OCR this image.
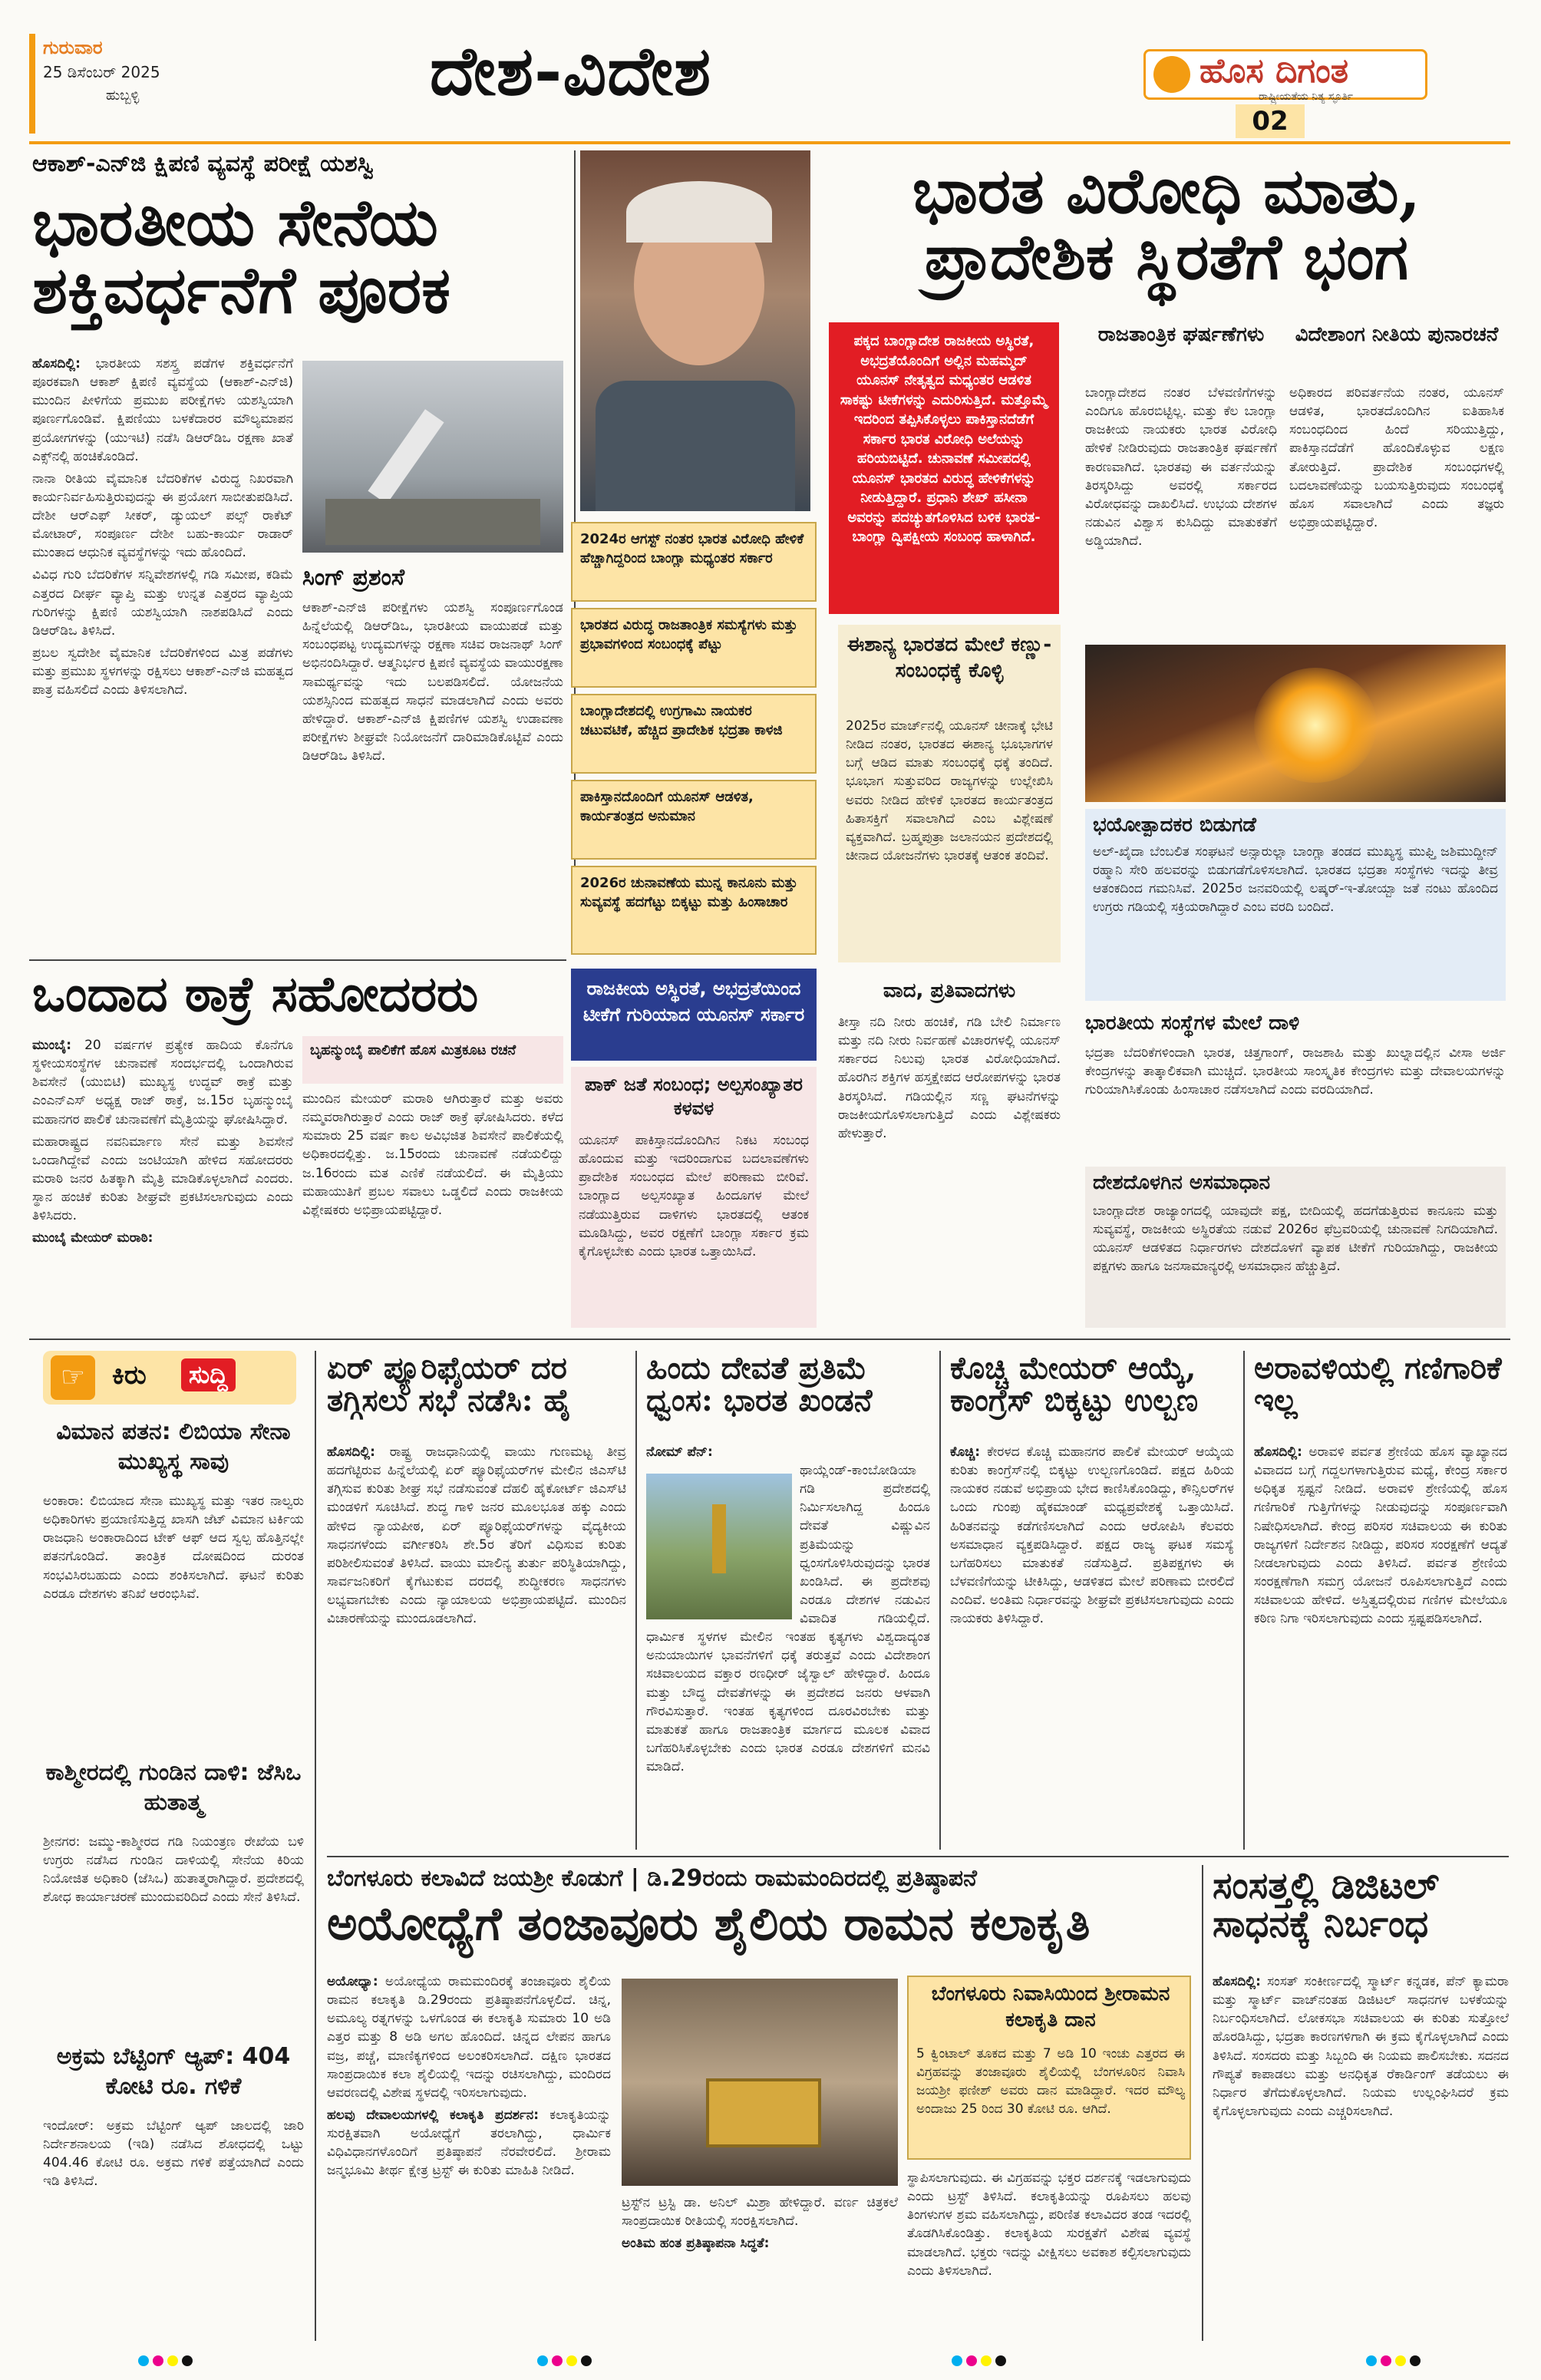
ಗುರುವಾರ
25 ಡಿಸೆಂಬರ್ 2025
ಹುಬ್ಬಳ್ಳಿ	ದೇಶ-ವಿದೇಶ	ಹೊಸ ದಿಗಂತ
ರಾಷ್ಟ್ರೀಯತೆಯ ನಿತ್ಯ ಸ್ಫೂರ್ತಿ
02
ಆಕಾಶ್-ಎನ್‌ಜಿ ಕ್ಷಿಪಣಿ ವ್ಯವಸ್ಥೆ ಪರೀಕ್ಷೆ ಯಶಸ್ವಿ
ಭಾರತೀಯ ಸೇನೆಯ ಶಕ್ತಿವರ್ಧನೆಗೆ ಪೂರಕ

ಹೊಸದಿಲ್ಲಿ: ಭಾರತೀಯ ಸಶಸ್ತ್ರ ಪಡೆಗಳ ಶಕ್ತಿವರ್ಧನೆಗೆ ಪೂರಕವಾಗಿ ಆಕಾಶ್ ಕ್ಷಿಪಣಿ ವ್ಯವಸ್ಥೆಯ (ಆಕಾಶ್-ಎನ್‌ಜಿ) ಮುಂದಿನ ಪೀಳಿಗೆಯ ಪ್ರಮುಖ ಪರೀಕ್ಷೆಗಳು ಯಶಸ್ವಿಯಾಗಿ ಪೂರ್ಣಗೊಂಡಿವೆ. ಕ್ಷಿಪಣಿಯು ಬಳಕೆದಾರರ ಮೌಲ್ಯಮಾಪನ ಪ್ರಯೋಗಗಳನ್ನು (ಯುಇಟಿ) ನಡೆಸಿ ಡಿಆರ್‌ಡಿಒ ರಕ್ಷಣಾ ಖಾತೆ ಎಕ್ಸ್‌ನಲ್ಲಿ ಹಂಚಿಕೊಂಡಿದೆ.

ನಾನಾ ರೀತಿಯ ವೈಮಾನಿಕ ಬೆದರಿಕೆಗಳ ವಿರುದ್ಧ ನಿಖರವಾಗಿ ಕಾರ್ಯನಿರ್ವಹಿಸುತ್ತಿರುವುದನ್ನು ಈ ಪ್ರಯೋಗ ಸಾಬೀತುಪಡಿಸಿದೆ. ದೇಶೀ ಆರ್‌ಎಫ್ ಸೀಕರ್, ಡ್ಯುಯಲ್ ಪಲ್ಸ್ ರಾಕೆಟ್ ಮೋಟಾರ್, ಸಂಪೂರ್ಣ ದೇಶೀ ಬಹು-ಕಾರ್ಯ ರಾಡಾರ್ ಮುಂತಾದ ಆಧುನಿಕ ವ್ಯವಸ್ಥೆಗಳನ್ನು ಇದು ಹೊಂದಿದೆ.

ವಿವಿಧ ಗುರಿ ಬೆದರಿಕೆಗಳ ಸನ್ನಿವೇಶಗಳಲ್ಲಿ ಗಡಿ ಸಮೀಪ, ಕಡಿಮೆ ಎತ್ತರದ ದೀರ್ಘ ವ್ಯಾಪ್ತಿ ಮತ್ತು ಉನ್ನತ ಎತ್ತರದ ವ್ಯಾಪ್ತಿಯ ಗುರಿಗಳನ್ನು ಕ್ಷಿಪಣಿ ಯಶಸ್ವಿಯಾಗಿ ನಾಶಪಡಿಸಿದೆ ಎಂದು ಡಿಆರ್‌ಡಿಒ ತಿಳಿಸಿದೆ.

ಪ್ರಬಲ ಸ್ವದೇಶೀ ವೈಮಾನಿಕ ಬೆದರಿಕೆಗಳಿಂದ ಮಿತ್ರ ಪಡೆಗಳು ಮತ್ತು ಪ್ರಮುಖ ಸ್ಥಳಗಳನ್ನು ರಕ್ಷಿಸಲು ಆಕಾಶ್-ಎನ್‌ಜಿ ಮಹತ್ವದ ಪಾತ್ರ ವಹಿಸಲಿದೆ ಎಂದು ತಿಳಿಸಲಾಗಿದೆ.

ಸಿಂಗ್ ಪ್ರಶಂಸೆ
ಆಕಾಶ್-ಎನ್‌ಜಿ ಪರೀಕ್ಷೆಗಳು ಯಶಸ್ವಿ ಸಂಪೂರ್ಣಗೊಂಡ ಹಿನ್ನೆಲೆಯಲ್ಲಿ ಡಿಆರ್‌ಡಿಒ, ಭಾರತೀಯ ವಾಯುಪಡೆ ಮತ್ತು ಸಂಬಂಧಪಟ್ಟ ಉದ್ಯಮಗಳನ್ನು ರಕ್ಷಣಾ ಸಚಿವ ರಾಜನಾಥ್ ಸಿಂಗ್ ಅಭಿನಂದಿಸಿದ್ದಾರೆ. ಆತ್ಮನಿರ್ಭರ ಕ್ಷಿಪಣಿ ವ್ಯವಸ್ಥೆಯ ವಾಯುರಕ್ಷಣಾ ಸಾಮರ್ಥ್ಯವನ್ನು ಇದು ಬಲಪಡಿಸಲಿದೆ. ಯೋಜನೆಯ ಯಶಸ್ಸಿನಿಂದ ಮಹತ್ವದ ಸಾಧನೆ ಮಾಡಲಾಗಿದೆ ಎಂದು ಅವರು ಹೇಳಿದ್ದಾರೆ. ಆಕಾಶ್-ಎನ್‌ಜಿ ಕ್ಷಿಪಣಿಗಳ ಯಶಸ್ವಿ ಉಡಾವಣಾ ಪರೀಕ್ಷೆಗಳು ಶೀಘ್ರವೇ ನಿಯೋಜನೆಗೆ ದಾರಿಮಾಡಿಕೊಟ್ಟಿವೆ ಎಂದು ಡಿಆರ್‌ಡಿಒ ತಿಳಿಸಿದೆ.
ಭಾರತ ವಿರೋಧಿ ಮಾತು, ಪ್ರಾದೇಶಿಕ ಸ್ಥಿರತೆಗೆ ಭಂಗ
ಪಕ್ಕದ ಬಾಂಗ್ಲಾದೇಶ ರಾಜಕೀಯ ಅಸ್ಥಿರತೆ, ಅಭದ್ರತೆಯೊಂದಿಗೆ ಅಲ್ಲಿನ ಮಹಮ್ಮದ್ ಯೂನಸ್ ನೇತೃತ್ವದ ಮಧ್ಯಂತರ ಆಡಳಿತ ಸಾಕಷ್ಟು ಟೀಕೆಗಳನ್ನು ಎದುರಿಸುತ್ತಿದೆ. ಮತ್ತೊಮ್ಮೆ ಇದರಿಂದ ತಪ್ಪಿಸಿಕೊಳ್ಳಲು ಪಾಕಿಸ್ತಾನದೆಡೆಗೆ ಸರ್ಕಾರ ಭಾರತ ವಿರೋಧಿ ಅಲೆಯನ್ನು ಹರಿಯಬಿಟ್ಟಿದೆ. ಚುನಾವಣೆ ಸಮೀಪದಲ್ಲಿ ಯೂನಸ್ ಭಾರತದ ವಿರುದ್ಧ ಹೇಳಿಕೆಗಳನ್ನು ನೀಡುತ್ತಿದ್ದಾರೆ. ಪ್ರಧಾನಿ ಶೇಖ್ ಹಸೀನಾ ಅವರನ್ನು ಪದಚ್ಯುತಗೊಳಿಸಿದ ಬಳಿಕ ಭಾರತ-ಬಾಂಗ್ಲಾ ದ್ವಿಪಕ್ಷೀಯ ಸಂಬಂಧ ಹಾಳಾಗಿದೆ.
2024ರ ಆಗಸ್ಟ್ ನಂತರ ಭಾರತ ವಿರೋಧಿ ಹೇಳಿಕೆ ಹೆಚ್ಚಾಗಿದ್ದರಿಂದ ಬಾಂಗ್ಲಾ ಮಧ್ಯಂತರ ಸರ್ಕಾರ
ಭಾರತದ ವಿರುದ್ಧ ರಾಜತಾಂತ್ರಿಕ ಸಮಸ್ಯೆಗಳು ಮತ್ತು ಪ್ರಭಾವಗಳಿಂದ ಸಂಬಂಧಕ್ಕೆ ಪೆಟ್ಟು
ಬಾಂಗ್ಲಾದೇಶದಲ್ಲಿ ಉಗ್ರಗಾಮಿ ನಾಯಕರ ಚಟುವಟಿಕೆ, ಹೆಚ್ಚಿದ ಪ್ರಾದೇಶಿಕ ಭದ್ರತಾ ಕಾಳಜಿ
ಪಾಕಿಸ್ತಾನದೊಂದಿಗೆ ಯೂನಸ್ ಆಡಳಿತ, ಕಾರ್ಯತಂತ್ರದ ಅನುಮಾನ
2026ರ ಚುನಾವಣೆಯ ಮುನ್ನ ಕಾನೂನು ಮತ್ತು ಸುವ್ಯವಸ್ಥೆ ಹದಗೆಟ್ಟು ಬಿಕ್ಕಟ್ಟು ಮತ್ತು ಹಿಂಸಾಚಾರ
ರಾಜಕೀಯ ಅಸ್ಥಿರತೆ, ಅಭದ್ರತೆಯಿಂದ ಟೀಕೆಗೆ ಗುರಿಯಾದ ಯೂನಸ್ ಸರ್ಕಾರ
ಪಾಕ್ ಜತೆ ಸಂಬಂಧ; ಅಲ್ಪಸಂಖ್ಯಾತರ ಕಳವಳ
ಯೂನಸ್ ಪಾಕಿಸ್ತಾನದೊಂದಿಗಿನ ನಿಕಟ ಸಂಬಂಧ ಹೊಂದುವ ಮತ್ತು ಇದರಿಂದಾಗುವ ಬದಲಾವಣೆಗಳು ಪ್ರಾದೇಶಿಕ ಸಂಬಂಧದ ಮೇಲೆ ಪರಿಣಾಮ ಬೀರಿವೆ. ಬಾಂಗ್ಲಾದ ಅಲ್ಪಸಂಖ್ಯಾತ ಹಿಂದೂಗಳ ಮೇಲೆ ನಡೆಯುತ್ತಿರುವ ದಾಳಿಗಳು ಭಾರತದಲ್ಲಿ ಆತಂಕ ಮೂಡಿಸಿದ್ದು, ಅವರ ರಕ್ಷಣೆಗೆ ಬಾಂಗ್ಲಾ ಸರ್ಕಾರ ಕ್ರಮ ಕೈಗೊಳ್ಳಬೇಕು ಎಂದು ಭಾರತ ಒತ್ತಾಯಿಸಿದೆ.
ಈಶಾನ್ಯ ಭಾರತದ ಮೇಲೆ ಕಣ್ಣು-ಸಂಬಂಧಕ್ಕೆ ಕೊಳ್ಳಿ
2025ರ ಮಾರ್ಚ್‌ನಲ್ಲಿ ಯೂನಸ್ ಚೀನಾಕ್ಕೆ ಭೇಟಿ ನೀಡಿದ ನಂತರ, ಭಾರತದ ಈಶಾನ್ಯ ಭೂಭಾಗಗಳ ಬಗ್ಗೆ ಆಡಿದ ಮಾತು ಸಂಬಂಧಕ್ಕೆ ಧಕ್ಕೆ ತಂದಿದೆ. ಭೂಭಾಗ ಸುತ್ತುವರಿದ ರಾಜ್ಯಗಳನ್ನು ಉಲ್ಲೇಖಿಸಿ ಅವರು ನೀಡಿದ ಹೇಳಿಕೆ ಭಾರತದ ಕಾರ್ಯತಂತ್ರದ ಹಿತಾಸಕ್ತಿಗೆ ಸವಾಲಾಗಿದೆ ಎಂಬ ವಿಶ್ಲೇಷಣೆ ವ್ಯಕ್ತವಾಗಿದೆ. ಬ್ರಹ್ಮಪುತ್ರಾ ಜಲಾನಯನ ಪ್ರದೇಶದಲ್ಲಿ ಚೀನಾದ ಯೋಜನೆಗಳು ಭಾರತಕ್ಕೆ ಆತಂಕ ತಂದಿವೆ.
ವಾದ, ಪ್ರತಿವಾದಗಳು
ತೀಸ್ತಾ ನದಿ ನೀರು ಹಂಚಿಕೆ, ಗಡಿ ಬೇಲಿ ನಿರ್ಮಾಣ ಮತ್ತು ನದಿ ನೀರು ನಿರ್ವಹಣೆ ವಿಚಾರಗಳಲ್ಲಿ ಯೂನಸ್ ಸರ್ಕಾರದ ನಿಲುವು ಭಾರತ ವಿರೋಧಿಯಾಗಿದೆ. ಹೊರಗಿನ ಶಕ್ತಿಗಳ ಹಸ್ತಕ್ಷೇಪದ ಆರೋಪಗಳನ್ನು ಭಾರತ ತಿರಸ್ಕರಿಸಿದೆ. ಗಡಿಯಲ್ಲಿನ ಸಣ್ಣ ಘಟನೆಗಳನ್ನು ರಾಜಕೀಯಗೊಳಿಸಲಾಗುತ್ತಿದೆ ಎಂದು ವಿಶ್ಲೇಷಕರು ಹೇಳುತ್ತಾರೆ.
ರಾಜತಾಂತ್ರಿಕ ಘರ್ಷಣೆಗಳು
ಬಾಂಗ್ಲಾದೇಶದ ನಂತರ ಬೆಳವಣಿಗೆಗಳನ್ನು ಎಂದಿಗೂ ಹೊರಬಿಟ್ಟಿಲ್ಲ. ಮತ್ತು ಕೆಲ ಬಾಂಗ್ಲಾ ರಾಜಕೀಯ ನಾಯಕರು ಭಾರತ ವಿರೋಧಿ ಹೇಳಿಕೆ ನೀಡಿರುವುದು ರಾಜತಾಂತ್ರಿಕ ಘರ್ಷಣೆಗೆ ಕಾರಣವಾಗಿದೆ. ಭಾರತವು ಈ ವರ್ತನೆಯನ್ನು ತಿರಸ್ಕರಿಸಿದ್ದು ಅವರಲ್ಲಿ ಸರ್ಕಾರದ ವಿರೋಧವನ್ನು ದಾಖಲಿಸಿದೆ. ಉಭಯ ದೇಶಗಳ ನಡುವಿನ ವಿಶ್ವಾಸ ಕುಸಿದಿದ್ದು ಮಾತುಕತೆಗೆ ಅಡ್ಡಿಯಾಗಿದೆ.
ವಿದೇಶಾಂಗ ನೀತಿಯ ಪುನಾರಚನೆ
ಅಧಿಕಾರದ ಪರಿವರ್ತನೆಯ ನಂತರ, ಯೂನಸ್ ಆಡಳಿತ, ಭಾರತದೊಂದಿಗಿನ ಐತಿಹಾಸಿಕ ಸಂಬಂಧದಿಂದ ಹಿಂದೆ ಸರಿಯುತ್ತಿದ್ದು, ಪಾಕಿಸ್ತಾನದೆಡೆಗೆ ಹೊಂದಿಕೊಳ್ಳುವ ಲಕ್ಷಣ ತೋರುತ್ತಿದೆ. ಪ್ರಾದೇಶಿಕ ಸಂಬಂಧಗಳಲ್ಲಿ ಬದಲಾವಣೆಯನ್ನು ಬಯಸುತ್ತಿರುವುದು ಸಂಬಂಧಕ್ಕೆ ಹೊಸ ಸವಾಲಾಗಿದೆ ಎಂದು ತಜ್ಞರು ಅಭಿಪ್ರಾಯಪಟ್ಟಿದ್ದಾರೆ.
ಭಯೋತ್ಪಾದಕರ ಬಿಡುಗಡೆ
ಅಲ್-ಖೈದಾ ಬೆಂಬಲಿತ ಸಂಘಟನೆ ಅನ್ಸಾರುಲ್ಲಾ ಬಾಂಗ್ಲಾ ತಂಡದ ಮುಖ್ಯಸ್ಥ ಮುಫ್ತಿ ಜಶಿಮುದ್ದೀನ್ ರಹ್ಮಾನಿ ಸೇರಿ ಹಲವರನ್ನು ಬಿಡುಗಡೆಗೊಳಿಸಲಾಗಿದೆ. ಭಾರತದ ಭದ್ರತಾ ಸಂಸ್ಥೆಗಳು ಇದನ್ನು ತೀವ್ರ ಆತಂಕದಿಂದ ಗಮನಿಸಿವೆ. 2025ರ ಜನವರಿಯಲ್ಲಿ ಲಷ್ಕರ್-ಇ-ತೋಯ್ಬಾ ಜತೆ ನಂಟು ಹೊಂದಿದ ಉಗ್ರರು ಗಡಿಯಲ್ಲಿ ಸಕ್ರಿಯರಾಗಿದ್ದಾರೆ ಎಂಬ ವರದಿ ಬಂದಿದೆ.
ಭಾರತೀಯ ಸಂಸ್ಥೆಗಳ ಮೇಲೆ ದಾಳಿ
ಭದ್ರತಾ ಬೆದರಿಕೆಗಳಿಂದಾಗಿ ಭಾರತ, ಚಿತ್ತಗಾಂಗ್, ರಾಜಶಾಹಿ ಮತ್ತು ಖುಲ್ನಾದಲ್ಲಿನ ವೀಸಾ ಅರ್ಜಿ ಕೇಂದ್ರಗಳನ್ನು ತಾತ್ಕಾಲಿಕವಾಗಿ ಮುಚ್ಚಿದೆ. ಭಾರತೀಯ ಸಾಂಸ್ಕೃತಿಕ ಕೇಂದ್ರಗಳು ಮತ್ತು ದೇವಾಲಯಗಳನ್ನು ಗುರಿಯಾಗಿಸಿಕೊಂಡು ಹಿಂಸಾಚಾರ ನಡೆಸಲಾಗಿದೆ ಎಂದು ವರದಿಯಾಗಿದೆ.
ದೇಶದೊಳಗಿನ ಅಸಮಾಧಾನ
ಬಾಂಗ್ಲಾದೇಶ ರಾಜ್ಯಾಂಗದಲ್ಲಿ ಯಾವುದೇ ಪಕ್ಷ, ಬೀದಿಯಲ್ಲಿ ಹದಗೆಡುತ್ತಿರುವ ಕಾನೂನು ಮತ್ತು ಸುವ್ಯವಸ್ಥೆ, ರಾಜಕೀಯ ಅಸ್ಥಿರತೆಯ ನಡುವೆ 2026ರ ಫೆಬ್ರವರಿಯಲ್ಲಿ ಚುನಾವಣೆ ನಿಗದಿಯಾಗಿದೆ. ಯೂನಸ್ ಆಡಳಿತದ ನಿರ್ಧಾರಗಳು ದೇಶದೊಳಗೆ ವ್ಯಾಪಕ ಟೀಕೆಗೆ ಗುರಿಯಾಗಿದ್ದು, ರಾಜಕೀಯ ಪಕ್ಷಗಳು ಹಾಗೂ ಜನಸಾಮಾನ್ಯರಲ್ಲಿ ಅಸಮಾಧಾನ ಹೆಚ್ಚುತ್ತಿದೆ.
ಒಂದಾದ ಠಾಕ್ರೆ ಸಹೋದರರು

ಮುಂಬೈ: 20 ವರ್ಷಗಳ ಪ್ರತ್ಯೇಕ ಹಾದಿಯ ಕೊನೆಗೂ ಸ್ಥಳೀಯಸಂಸ್ಥೆಗಳ ಚುನಾವಣೆ ಸಂದರ್ಭದಲ್ಲಿ ಒಂದಾಗಿರುವ ಶಿವಸೇನೆ (ಯುಬಿಟಿ) ಮುಖ್ಯಸ್ಥ ಉದ್ಧವ್ ಠಾಕ್ರೆ ಮತ್ತು ಎಂಎನ್‌ಎಸ್ ಅಧ್ಯಕ್ಷ ರಾಜ್ ಠಾಕ್ರೆ, ಜ.15ರ ಬೃಹನ್ಮುಂಬೈ ಮಹಾನಗರ ಪಾಲಿಕೆ ಚುನಾವಣೆಗೆ ಮೈತ್ರಿಯನ್ನು ಘೋಷಿಸಿದ್ದಾರೆ.

ಮಹಾರಾಷ್ಟ್ರದ ನವನಿರ್ಮಾಣ ಸೇನೆ ಮತ್ತು ಶಿವಸೇನೆ ಒಂದಾಗಿದ್ದೇವೆ ಎಂದು ಜಂಟಿಯಾಗಿ ಹೇಳಿದ ಸಹೋದರರು ಮರಾಠಿ ಜನರ ಹಿತಕ್ಕಾಗಿ ಮೈತ್ರಿ ಮಾಡಿಕೊಳ್ಳಲಾಗಿದೆ ಎಂದರು. ಸ್ಥಾನ ಹಂಚಿಕೆ ಕುರಿತು ಶೀಘ್ರವೇ ಪ್ರಕಟಿಸಲಾಗುವುದು ಎಂದು ತಿಳಿಸಿದರು.

ಮುಂಬೈ ಮೇಯರ್ ಮರಾಠಿ:

ಬೃಹನ್ಮುಂಬೈ ಪಾಲಿಕೆಗೆ ಹೊಸ ಮಿತ್ರಕೂಟ ರಚನೆ
ಮುಂದಿನ ಮೇಯರ್ ಮರಾಠಿ ಆಗಿರುತ್ತಾರೆ ಮತ್ತು ಅವರು ನಮ್ಮವರಾಗಿರುತ್ತಾರೆ ಎಂದು ರಾಜ್ ಠಾಕ್ರೆ ಘೋಷಿಸಿದರು. ಕಳೆದ ಸುಮಾರು 25 ವರ್ಷ ಕಾಲ ಅವಿಭಜಿತ ಶಿವಸೇನೆ ಪಾಲಿಕೆಯಲ್ಲಿ ಅಧಿಕಾರದಲ್ಲಿತ್ತು. ಜ.15ರಂದು ಚುನಾವಣೆ ನಡೆಯಲಿದ್ದು ಜ.16ರಂದು ಮತ ಎಣಿಕೆ ನಡೆಯಲಿದೆ. ಈ ಮೈತ್ರಿಯು ಮಹಾಯುತಿಗೆ ಪ್ರಬಲ ಸವಾಲು ಒಡ್ಡಲಿದೆ ಎಂದು ರಾಜಕೀಯ ವಿಶ್ಲೇಷಕರು ಅಭಿಪ್ರಾಯಪಟ್ಟಿದ್ದಾರೆ.
☞	ಕಿರು	ಸುದ್ದಿ
ವಿಮಾನ ಪತನ: ಲಿಬಿಯಾ ಸೇನಾ ಮುಖ್ಯಸ್ಥ ಸಾವು
ಅಂಕಾರಾ: ಲಿಬಿಯಾದ ಸೇನಾ ಮುಖ್ಯಸ್ಥ ಮತ್ತು ಇತರ ನಾಲ್ವರು ಅಧಿಕಾರಿಗಳು ಪ್ರಯಾಣಿಸುತ್ತಿದ್ದ ಖಾಸಗಿ ಜೆಟ್ ವಿಮಾನ ಟರ್ಕಿಯ ರಾಜಧಾನಿ ಅಂಕಾರಾದಿಂದ ಟೇಕ್ ಆಫ್ ಆದ ಸ್ವಲ್ಪ ಹೊತ್ತಿನಲ್ಲೇ ಪತನಗೊಂಡಿದೆ. ತಾಂತ್ರಿಕ ದೋಷದಿಂದ ದುರಂತ ಸಂಭವಿಸಿರಬಹುದು ಎಂದು ಶಂಕಿಸಲಾಗಿದೆ. ಘಟನೆ ಕುರಿತು ಎರಡೂ ದೇಶಗಳು ತನಿಖೆ ಆರಂಭಿಸಿವೆ.
ಕಾಶ್ಮೀರದಲ್ಲಿ ಗುಂಡಿನ ದಾಳಿ: ಜೆಸಿಒ ಹುತಾತ್ಮ
ಶ್ರೀನಗರ: ಜಮ್ಮು-ಕಾಶ್ಮೀರದ ಗಡಿ ನಿಯಂತ್ರಣ ರೇಖೆಯ ಬಳಿ ಉಗ್ರರು ನಡೆಸಿದ ಗುಂಡಿನ ದಾಳಿಯಲ್ಲಿ ಸೇನೆಯ ಕಿರಿಯ ನಿಯೋಜಿತ ಅಧಿಕಾರಿ (ಜೆಸಿಒ) ಹುತಾತ್ಮರಾಗಿದ್ದಾರೆ. ಪ್ರದೇಶದಲ್ಲಿ ಶೋಧ ಕಾರ್ಯಾಚರಣೆ ಮುಂದುವರಿದಿದೆ ಎಂದು ಸೇನೆ ತಿಳಿಸಿದೆ.
ಅಕ್ರಮ ಬೆಟ್ಟಿಂಗ್ ಆ್ಯಪ್: 404 ಕೋಟಿ ರೂ. ಗಳಿಕೆ
ಇಂದೋರ್: ಅಕ್ರಮ ಬೆಟ್ಟಿಂಗ್ ಆ್ಯಪ್ ಜಾಲದಲ್ಲಿ ಜಾರಿ ನಿರ್ದೇಶನಾಲಯ (ಇಡಿ) ನಡೆಸಿದ ಶೋಧದಲ್ಲಿ ಒಟ್ಟು 404.46 ಕೋಟಿ ರೂ. ಅಕ್ರಮ ಗಳಿಕೆ ಪತ್ತೆಯಾಗಿದೆ ಎಂದು ಇಡಿ ತಿಳಿಸಿದೆ.
ಏರ್ ಪ್ಯೂರಿಫೈಯರ್ ದರ ತಗ್ಗಿಸಲು ಸಭೆ ನಡೆಸಿ: ಹೈ

ಹೊಸದಿಲ್ಲಿ: ರಾಷ್ಟ್ರ ರಾಜಧಾನಿಯಲ್ಲಿ ವಾಯು ಗುಣಮಟ್ಟ ತೀವ್ರ ಹದಗೆಟ್ಟಿರುವ ಹಿನ್ನೆಲೆಯಲ್ಲಿ ಏರ್ ಪ್ಯೂರಿಫೈಯರ್‌ಗಳ ಮೇಲಿನ ಜಿಎಸ್‌ಟಿ ತಗ್ಗಿಸುವ ಕುರಿತು ಶೀಘ್ರ ಸಭೆ ನಡೆಸುವಂತೆ ದೆಹಲಿ ಹೈಕೋರ್ಟ್ ಜಿಎಸ್‌ಟಿ ಮಂಡಳಿಗೆ ಸೂಚಿಸಿದೆ. ಶುದ್ಧ ಗಾಳಿ ಜನರ ಮೂಲಭೂತ ಹಕ್ಕು ಎಂದು ಹೇಳಿದ ನ್ಯಾಯಪೀಠ, ಏರ್ ಪ್ಯೂರಿಫೈಯರ್‌ಗಳನ್ನು ವೈದ್ಯಕೀಯ ಸಾಧನಗಳೆಂದು ವರ್ಗೀಕರಿಸಿ ಶೇ.5ರ ತೆರಿಗೆ ವಿಧಿಸುವ ಕುರಿತು ಪರಿಶೀಲಿಸುವಂತೆ ತಿಳಿಸಿದೆ. ವಾಯು ಮಾಲಿನ್ಯ ತುರ್ತು ಪರಿಸ್ಥಿತಿಯಾಗಿದ್ದು, ಸಾರ್ವಜನಿಕರಿಗೆ ಕೈಗೆಟುಕುವ ದರದಲ್ಲಿ ಶುದ್ಧೀಕರಣ ಸಾಧನಗಳು ಲಭ್ಯವಾಗಬೇಕು ಎಂದು ನ್ಯಾಯಾಲಯ ಅಭಿಪ್ರಾಯಪಟ್ಟಿದೆ. ಮುಂದಿನ ವಿಚಾರಣೆಯನ್ನು ಮುಂದೂಡಲಾಗಿದೆ.

ಹಿಂದು ದೇವತೆ ಪ್ರತಿಮೆ ಧ್ವಂಸ: ಭಾರತ ಖಂಡನೆ

ನೋಮ್ ಪೆನ್:

ಥಾಯ್ಲೆಂಡ್-ಕಾಂಬೋಡಿಯಾ ಗಡಿ ಪ್ರದೇಶದಲ್ಲಿ ನಿರ್ಮಿಸಲಾಗಿದ್ದ ಹಿಂದೂ ದೇವತೆ ವಿಷ್ಣುವಿನ ಪ್ರತಿಮೆಯನ್ನು ಧ್ವಂಸಗೊಳಿಸಿರುವುದನ್ನು ಭಾರತ ಖಂಡಿಸಿದೆ. ಈ ಪ್ರದೇಶವು ಎರಡೂ ದೇಶಗಳ ನಡುವಿನ ವಿವಾದಿತ ಗಡಿಯಲ್ಲಿದೆ. ಧಾರ್ಮಿಕ ಸ್ಥಳಗಳ ಮೇಲಿನ ಇಂತಹ ಕೃತ್ಯಗಳು ವಿಶ್ವದಾದ್ಯಂತ ಅನುಯಾಯಿಗಳ ಭಾವನೆಗಳಿಗೆ ಧಕ್ಕೆ ತರುತ್ತವೆ ಎಂದು ವಿದೇಶಾಂಗ ಸಚಿವಾಲಯದ ವಕ್ತಾರ ರಣಧೀರ್ ಜೈಸ್ವಾಲ್ ಹೇಳಿದ್ದಾರೆ. ಹಿಂದೂ ಮತ್ತು ಬೌದ್ಧ ದೇವತೆಗಳನ್ನು ಈ ಪ್ರದೇಶದ ಜನರು ಆಳವಾಗಿ ಗೌರವಿಸುತ್ತಾರೆ. ಇಂತಹ ಕೃತ್ಯಗಳಿಂದ ದೂರವಿರಬೇಕು ಮತ್ತು ಮಾತುಕತೆ ಹಾಗೂ ರಾಜತಾಂತ್ರಿಕ ಮಾರ್ಗದ ಮೂಲಕ ವಿವಾದ ಬಗೆಹರಿಸಿಕೊಳ್ಳಬೇಕು ಎಂದು ಭಾರತ ಎರಡೂ ದೇಶಗಳಿಗೆ ಮನವಿ ಮಾಡಿದೆ.
ಕೊಚ್ಚಿ ಮೇಯರ್ ಆಯ್ಕೆ, ಕಾಂಗ್ರೆಸ್ ಬಿಕ್ಕಟ್ಟು ಉಲ್ಬಣ

ಕೊಚ್ಚಿ: ಕೇರಳದ ಕೊಚ್ಚಿ ಮಹಾನಗರ ಪಾಲಿಕೆ ಮೇಯರ್ ಆಯ್ಕೆಯ ಕುರಿತು ಕಾಂಗ್ರೆಸ್‌ನಲ್ಲಿ ಬಿಕ್ಕಟ್ಟು ಉಲ್ಬಣಗೊಂಡಿದೆ. ಪಕ್ಷದ ಹಿರಿಯ ನಾಯಕರ ನಡುವೆ ಅಭಿಪ್ರಾಯ ಭೇದ ಕಾಣಿಸಿಕೊಂಡಿದ್ದು, ಕೌನ್ಸಿಲರ್‌ಗಳ ಒಂದು ಗುಂಪು ಹೈಕಮಾಂಡ್ ಮಧ್ಯಪ್ರವೇಶಕ್ಕೆ ಒತ್ತಾಯಿಸಿದೆ. ಹಿರಿತನವನ್ನು ಕಡೆಗಣಿಸಲಾಗಿದೆ ಎಂದು ಆರೋಪಿಸಿ ಕೆಲವರು ಅಸಮಾಧಾನ ವ್ಯಕ್ತಪಡಿಸಿದ್ದಾರೆ. ಪಕ್ಷದ ರಾಜ್ಯ ಘಟಕ ಸಮಸ್ಯೆ ಬಗೆಹರಿಸಲು ಮಾತುಕತೆ ನಡೆಸುತ್ತಿದೆ. ಪ್ರತಿಪಕ್ಷಗಳು ಈ ಬೆಳವಣಿಗೆಯನ್ನು ಟೀಕಿಸಿದ್ದು, ಆಡಳಿತದ ಮೇಲೆ ಪರಿಣಾಮ ಬೀರಲಿದೆ ಎಂದಿವೆ. ಅಂತಿಮ ನಿರ್ಧಾರವನ್ನು ಶೀಘ್ರವೇ ಪ್ರಕಟಿಸಲಾಗುವುದು ಎಂದು ನಾಯಕರು ತಿಳಿಸಿದ್ದಾರೆ.

ಅರಾವಳಿಯಲ್ಲಿ ಗಣಿಗಾರಿಕೆ ಇಲ್ಲ

ಹೊಸದಿಲ್ಲಿ: ಅರಾವಳಿ ಪರ್ವತ ಶ್ರೇಣಿಯ ಹೊಸ ವ್ಯಾಖ್ಯಾನದ ವಿವಾದದ ಬಗ್ಗೆ ಗದ್ದಲಗಳಾಗುತ್ತಿರುವ ಮಧ್ಯೆ, ಕೇಂದ್ರ ಸರ್ಕಾರ ಅಧಿಕೃತ ಸ್ಪಷ್ಟನೆ ನೀಡಿದೆ. ಅರಾವಳಿ ಶ್ರೇಣಿಯಲ್ಲಿ ಹೊಸ ಗಣಿಗಾರಿಕೆ ಗುತ್ತಿಗೆಗಳನ್ನು ನೀಡುವುದನ್ನು ಸಂಪೂರ್ಣವಾಗಿ ನಿಷೇಧಿಸಲಾಗಿದೆ. ಕೇಂದ್ರ ಪರಿಸರ ಸಚಿವಾಲಯ ಈ ಕುರಿತು ರಾಜ್ಯಗಳಿಗೆ ನಿರ್ದೇಶನ ನೀಡಿದ್ದು, ಪರಿಸರ ಸಂರಕ್ಷಣೆಗೆ ಆದ್ಯತೆ ನೀಡಲಾಗುವುದು ಎಂದು ತಿಳಿಸಿದೆ. ಪರ್ವತ ಶ್ರೇಣಿಯ ಸಂರಕ್ಷಣೆಗಾಗಿ ಸಮಗ್ರ ಯೋಜನೆ ರೂಪಿಸಲಾಗುತ್ತಿದೆ ಎಂದು ಸಚಿವಾಲಯ ಹೇಳಿದೆ. ಅಸ್ತಿತ್ವದಲ್ಲಿರುವ ಗಣಿಗಳ ಮೇಲೆಯೂ ಕಠಿಣ ನಿಗಾ ಇರಿಸಲಾಗುವುದು ಎಂದು ಸ್ಪಷ್ಟಪಡಿಸಲಾಗಿದೆ.

ಬೆಂಗಳೂರು ಕಲಾವಿದೆ ಜಯಶ್ರೀ ಕೊಡುಗೆ | ಡಿ.29ರಂದು ರಾಮಮಂದಿರದಲ್ಲಿ ಪ್ರತಿಷ್ಠಾಪನೆ
ಅಯೋಧ್ಯೆಗೆ ತಂಜಾವೂರು ಶೈಲಿಯ ರಾಮನ ಕಲಾಕೃತಿ

ಅಯೋಧ್ಯಾ: ಅಯೋಧ್ಯೆಯ ರಾಮಮಂದಿರಕ್ಕೆ ತಂಜಾವೂರು ಶೈಲಿಯ ರಾಮನ ಕಲಾಕೃತಿ ಡಿ.29ರಂದು ಪ್ರತಿಷ್ಠಾಪನೆಗೊಳ್ಳಲಿದೆ. ಚಿನ್ನ, ಅಮೂಲ್ಯ ರತ್ನಗಳನ್ನು ಒಳಗೊಂಡ ಈ ಕಲಾಕೃತಿ ಸುಮಾರು 10 ಅಡಿ ಎತ್ತರ ಮತ್ತು 8 ಅಡಿ ಅಗಲ ಹೊಂದಿದೆ. ಚಿನ್ನದ ಲೇಪನ ಹಾಗೂ ವಜ್ರ, ಪಚ್ಚೆ, ಮಾಣಿಕ್ಯಗಳಿಂದ ಅಲಂಕರಿಸಲಾಗಿದೆ. ದಕ್ಷಿಣ ಭಾರತದ ಸಾಂಪ್ರದಾಯಿಕ ಕಲಾ ಶೈಲಿಯಲ್ಲಿ ಇದನ್ನು ರಚಿಸಲಾಗಿದ್ದು, ಮಂದಿರದ ಆವರಣದಲ್ಲಿ ವಿಶೇಷ ಸ್ಥಳದಲ್ಲಿ ಇರಿಸಲಾಗುವುದು.

ಹಲವು ದೇವಾಲಯಗಳಲ್ಲಿ ಕಲಾಕೃತಿ ಪ್ರದರ್ಶನ: ಕಲಾಕೃತಿಯನ್ನು ಸುರಕ್ಷಿತವಾಗಿ ಅಯೋಧ್ಯೆಗೆ ತರಲಾಗಿದ್ದು, ಧಾರ್ಮಿಕ ವಿಧಿವಿಧಾನಗಳೊಂದಿಗೆ ಪ್ರತಿಷ್ಠಾಪನೆ ನೆರವೇರಲಿದೆ. ಶ್ರೀರಾಮ ಜನ್ಮಭೂಮಿ ತೀರ್ಥ ಕ್ಷೇತ್ರ ಟ್ರಸ್ಟ್ ಈ ಕುರಿತು ಮಾಹಿತಿ ನೀಡಿದೆ.

ಟ್ರಸ್ಟ್‌ನ ಟ್ರಸ್ಟಿ ಡಾ. ಅನಿಲ್ ಮಿಶ್ರಾ ಹೇಳಿದ್ದಾರೆ. ವರ್ಣ ಚಿತ್ರಕಲೆ ಸಾಂಪ್ರದಾಯಿಕ ರೀತಿಯಲ್ಲಿ ಸಂರಕ್ಷಿಸಲಾಗಿದೆ.

ಅಂತಿಮ ಹಂತ ಪ್ರತಿಷ್ಠಾಪನಾ ಸಿದ್ಧತೆ:

ಬೆಂಗಳೂರು ನಿವಾಸಿಯಿಂದ ಶ್ರೀರಾಮನ ಕಲಾಕೃತಿ ದಾನ
5 ಕ್ವಿಂಟಾಲ್ ತೂಕದ ಮತ್ತು 7 ಅಡಿ 10 ಇಂಚು ಎತ್ತರದ ಈ ವಿಗ್ರಹವನ್ನು ತಂಜಾವೂರು ಶೈಲಿಯಲ್ಲಿ ಬೆಂಗಳೂರಿನ ನಿವಾಸಿ ಜಯಶ್ರೀ ಫಣೀಶ್ ಅವರು ದಾನ ಮಾಡಿದ್ದಾರೆ. ಇದರ ಮೌಲ್ಯ ಅಂದಾಜು 25 ರಿಂದ 30 ಕೋಟಿ ರೂ. ಆಗಿದೆ.
ಸ್ಥಾಪಿಸಲಾಗುವುದು. ಈ ವಿಗ್ರಹವನ್ನು ಭಕ್ತರ ದರ್ಶನಕ್ಕೆ ಇಡಲಾಗುವುದು ಎಂದು ಟ್ರಸ್ಟ್ ತಿಳಿಸಿದೆ. ಕಲಾಕೃತಿಯನ್ನು ರೂಪಿಸಲು ಹಲವು ತಿಂಗಳುಗಳ ಶ್ರಮ ವಹಿಸಲಾಗಿದ್ದು, ಪರಿಣಿತ ಕಲಾವಿದರ ತಂಡ ಇದರಲ್ಲಿ ತೊಡಗಿಸಿಕೊಂಡಿತ್ತು. ಕಲಾಕೃತಿಯ ಸುರಕ್ಷತೆಗೆ ವಿಶೇಷ ವ್ಯವಸ್ಥೆ ಮಾಡಲಾಗಿದೆ. ಭಕ್ತರು ಇದನ್ನು ವೀಕ್ಷಿಸಲು ಅವಕಾಶ ಕಲ್ಪಿಸಲಾಗುವುದು ಎಂದು ತಿಳಿಸಲಾಗಿದೆ.
ಸಂಸತ್ತಲ್ಲಿ ಡಿಜಿಟಲ್ ಸಾಧನಕ್ಕೆ ನಿರ್ಬಂಧ

ಹೊಸದಿಲ್ಲಿ: ಸಂಸತ್ ಸಂಕೀರ್ಣದಲ್ಲಿ ಸ್ಮಾರ್ಟ್ ಕನ್ನಡಕ, ಪೆನ್ ಕ್ಯಾಮರಾ ಮತ್ತು ಸ್ಮಾರ್ಟ್ ವಾಚ್‌ನಂತಹ ಡಿಜಿಟಲ್ ಸಾಧನಗಳ ಬಳಕೆಯನ್ನು ನಿರ್ಬಂಧಿಸಲಾಗಿದೆ. ಲೋಕಸಭಾ ಸಚಿವಾಲಯ ಈ ಕುರಿತು ಸುತ್ತೋಲೆ ಹೊರಡಿಸಿದ್ದು, ಭದ್ರತಾ ಕಾರಣಗಳಿಗಾಗಿ ಈ ಕ್ರಮ ಕೈಗೊಳ್ಳಲಾಗಿದೆ ಎಂದು ತಿಳಿಸಿದೆ. ಸಂಸದರು ಮತ್ತು ಸಿಬ್ಬಂದಿ ಈ ನಿಯಮ ಪಾಲಿಸಬೇಕು. ಸದನದ ಗೌಪ್ಯತೆ ಕಾಪಾಡಲು ಮತ್ತು ಅನಧಿಕೃತ ರೆಕಾರ್ಡಿಂಗ್ ತಡೆಯಲು ಈ ನಿರ್ಧಾರ ತೆಗೆದುಕೊಳ್ಳಲಾಗಿದೆ. ನಿಯಮ ಉಲ್ಲಂಘಿಸಿದರೆ ಕ್ರಮ ಕೈಗೊಳ್ಳಲಾಗುವುದು ಎಂದು ಎಚ್ಚರಿಸಲಾಗಿದೆ.
